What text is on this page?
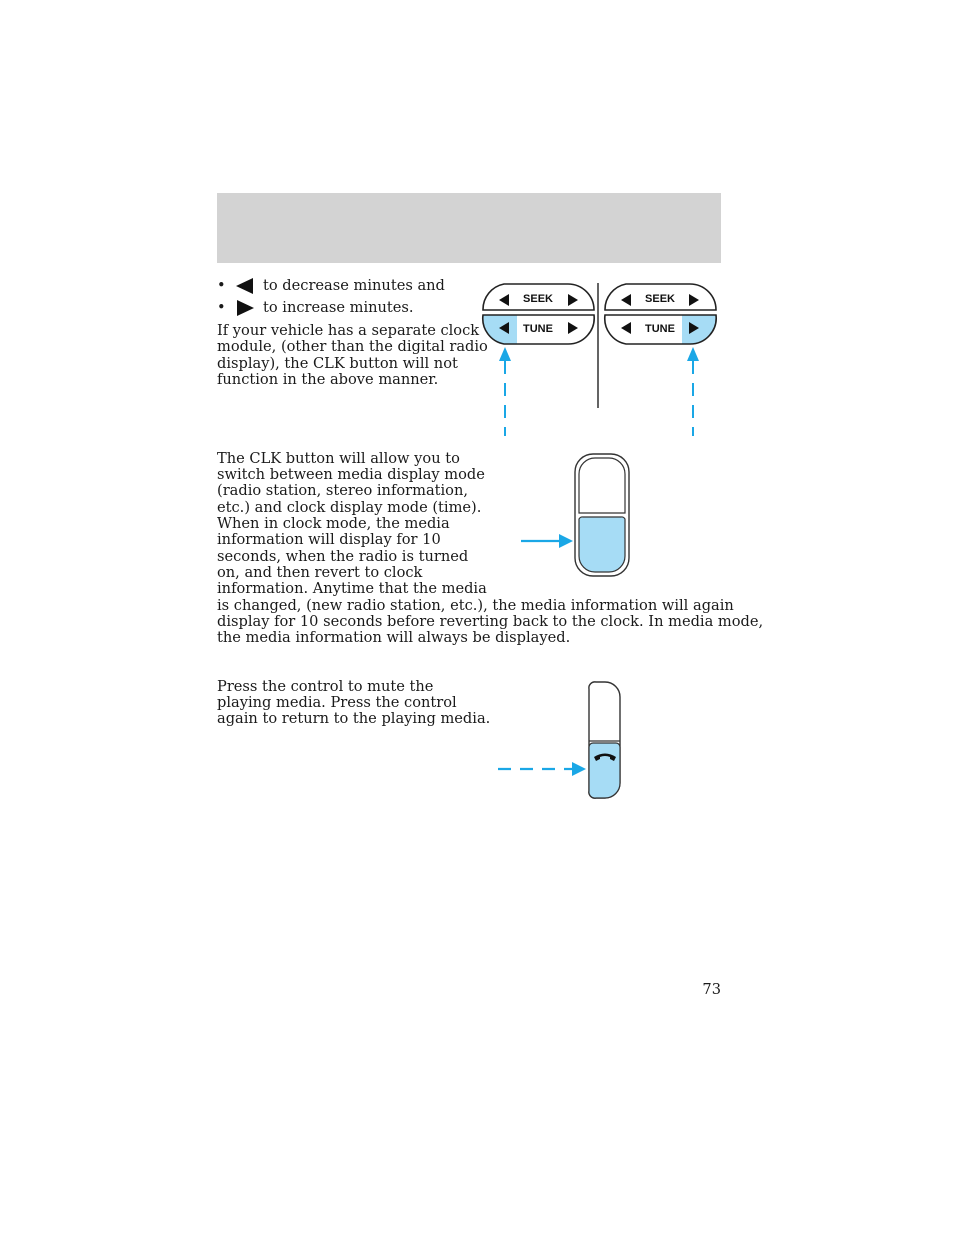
•	to decrease minutes and
•	to increase minutes.
If your vehicle has a separate clock
module, (other than the digital radio
display), the CLK button will not
function in the above manner.
SEEK
TUNE
SEEK
TUNE
The CLK button will allow you to
switch between media display mode
(radio station, stereo information,
etc.) and clock display mode (time).
When in clock mode, the media
information will display for 10
seconds, when the radio is turned
on, and then revert to clock
information. Anytime that the media
is changed, (new radio station, etc.), the media information will again
display for 10 seconds before reverting back to the clock. In media mode,
the media information will always be displayed.
Press the control to mute the
playing media. Press the control
again to return to the playing media.
73
